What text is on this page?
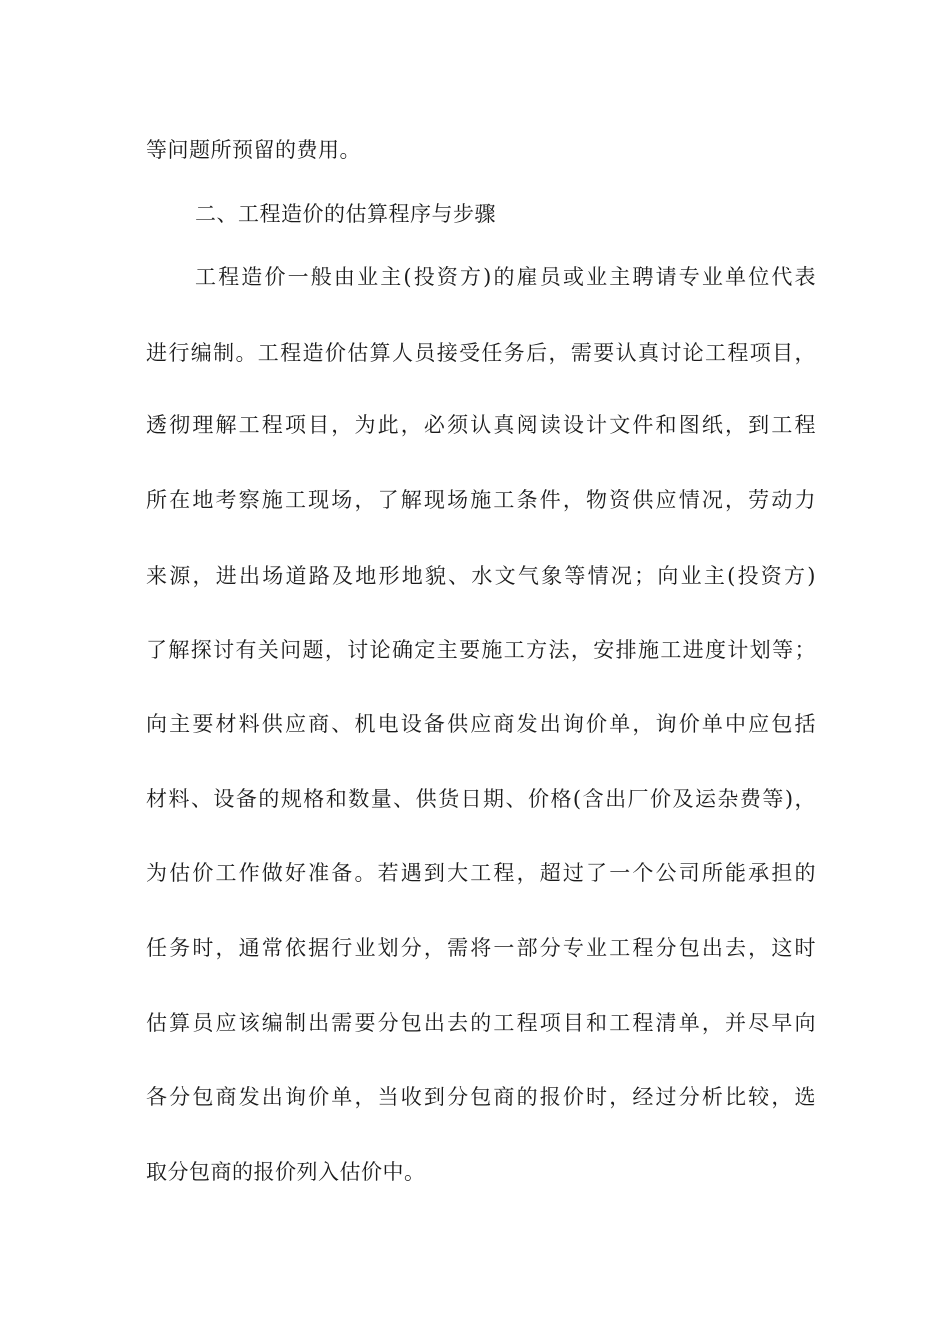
等问题所预留的费用。
二、工程造价的估算程序与步骤
工程造价一般由业主(投资方)的雇员或业主聘请专业单位代表
进行编制。工程造价估算人员接受任务后，需要认真讨论工程项目，
透彻理解工程项目，为此，必须认真阅读设计文件和图纸，到工程
所在地考察施工现场，了解现场施工条件，物资供应情况，劳动力
来源，进出场道路及地形地貌、水文气象等情况；向业主(投资方)
了解探讨有关问题，讨论确定主要施工方法，安排施工进度计划等；
向主要材料供应商、机电设备供应商发出询价单，询价单中应包括
材料、设备的规格和数量、供货日期、价格(含出厂价及运杂费等)，
为估价工作做好准备。若遇到大工程，超过了一个公司所能承担的
任务时，通常依据行业划分，需将一部分专业工程分包出去，这时
估算员应该编制出需要分包出去的工程项目和工程清单，并尽早向
各分包商发出询价单，当收到分包商的报价时，经过分析比较，选
取分包商的报价列入估价中。
